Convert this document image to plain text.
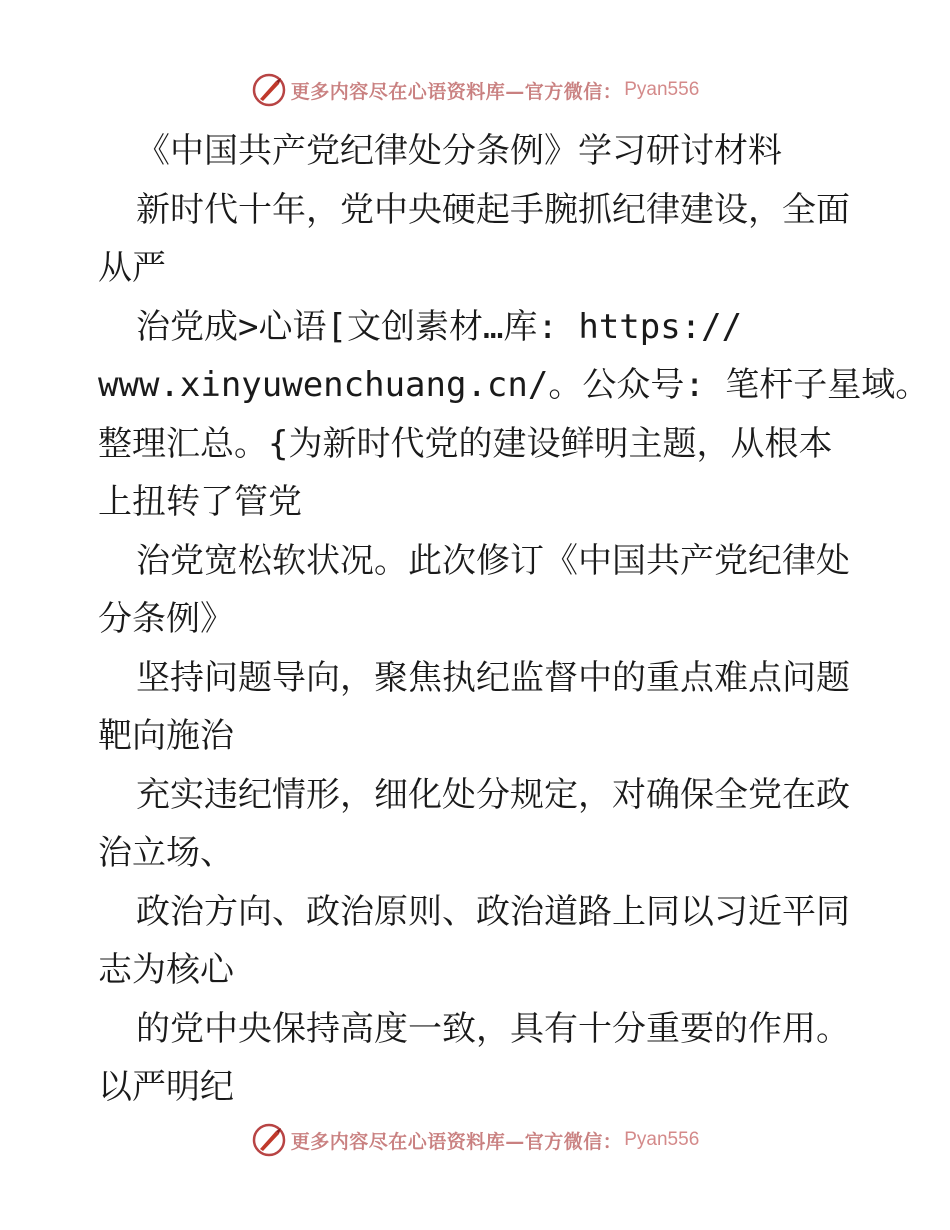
更多内容尽在心语资料库—官方微信： Pyan556
《中国共产党纪律处分条例》学习研讨材料
新时代十年，党中央硬起手腕抓纪律建设，全面
从严
治党成>心语[文创素材…库: https://
www.xinyuwenchuang.cn/。公众号: 笔杆子星域。
整理汇总。{为新时代党的建设鲜明主题，从根本
上扭转了管党
治党宽松软状况。此次修订《中国共产党纪律处
分条例》
坚持问题导向，聚焦执纪监督中的重点难点问题
靶向施治
充实违纪情形，细化处分规定，对确保全党在政
治立场、
政治方向、政治原则、政治道路上同以习近平同
志为核心
的党中央保持高度一致，具有十分重要的作用。
以严明纪
更多内容尽在心语资料库—官方微信： Pyan556
